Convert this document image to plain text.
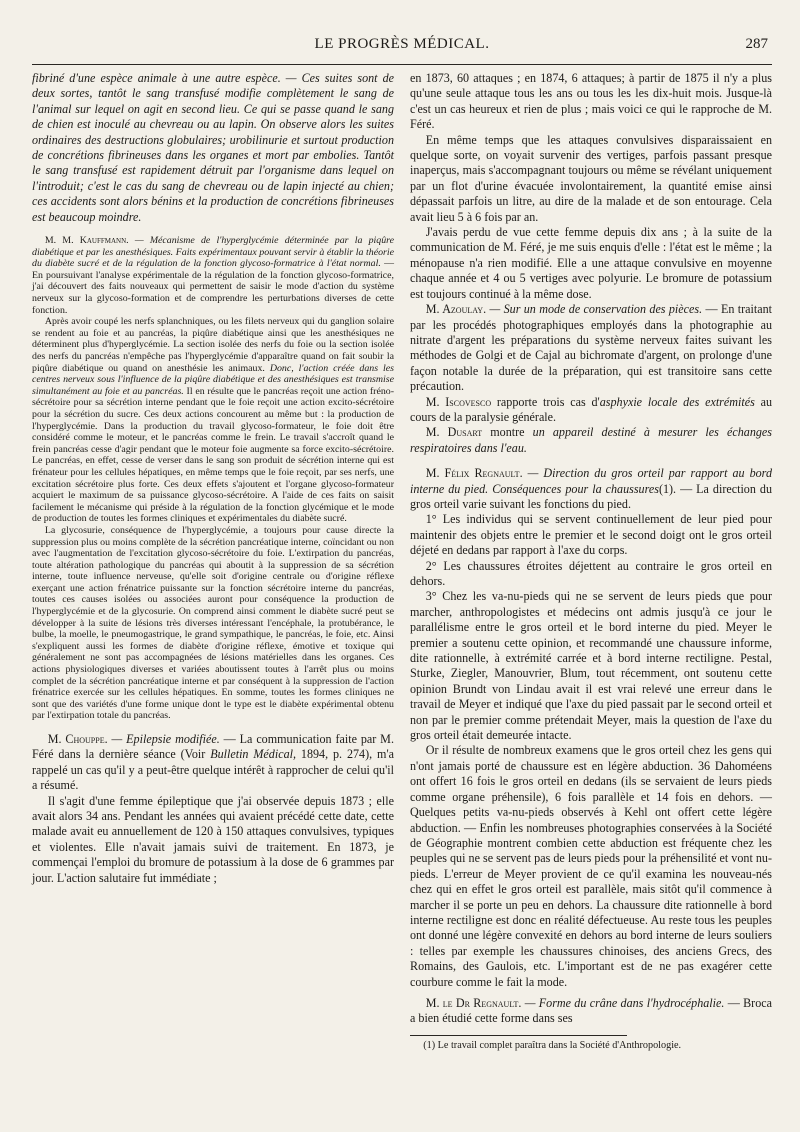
LE PROGRÈS MÉDICAL.	287

fibriné d'une espèce animale à une autre espèce. — Ces suites sont de deux sortes, tantôt le sang transfusé modifie complètement le sang de l'animal sur lequel on agit en second lieu. Ce qui se passe quand le sang de chien est inoculé au chevreau ou au lapin. On observe alors les suites ordinaires des destructions globulaires; urobilinurie et surtout production de concrétions fibrineuses dans les organes et mort par embolies. Tantôt le sang transfusé est rapidement détruit par l'organisme dans lequel on l'introduit; c'est le cas du sang de chevreau ou de lapin injecté au chien; ces accidents sont alors bénins et la production de concrétions fibrineuses est beaucoup moindre.

M. M. Kauffmann. — Mécanisme de l'hyperglycémie déterminée par la piqûre diabétique et par les anesthésiques. Faits expérimentaux pouvant servir à établir la théorie du diabète sucré et de la régulation de la fonction glycoso-formatrice à l'état normal. — En poursuivant l'analyse expérimentale de la régulation de la fonction glycoso-formatrice, j'ai découvert des faits nouveaux qui permettent de saisir le mode d'action du système nerveux sur la glycoso-formation et de comprendre les perturbations diverses de cette fonction.

Après avoir coupé les nerfs splanchniques, ou les filets nerveux qui du ganglion solaire se rendent au foie et au pancréas, la piqûre diabétique ainsi que les anesthésiques ne déterminent plus d'hyperglycémie. La section isolée des nerfs du foie ou la section isolée des nerfs du pancréas n'empêche pas l'hyperglycémie d'apparaître quand on fait soubir la piqûre diabétique ou quand on anesthésie les animaux. Donc, l'action créée dans les centres nerveux sous l'influence de la piqûre diabétique et des anesthésiques est transmise simultanément au foie et au pancréas. Il en résulte que le pancréas reçoit une action fréno-sécrétoire pour sa sécrétion interne pendant que le foie reçoit une action excito-sécrétoire pour la sécrétion du sucre. Ces deux actions concourent au même but : la production de l'hyperglycémie. Dans la production du travail glycoso-formateur, le foie doit être considéré comme le moteur, et le pancréas comme le frein. Le travail s'accroît quand le frein pancréas cesse d'agir pendant que le moteur foie augmente sa force excito-sécrétoire. Le pancréas, en effet, cesse de verser dans le sang son produit de sécrétion interne qui est frénateur pour les cellules hépatiques, en même temps que le foie reçoit, par ses nerfs, une excitation sécrétoire plus forte. Ces deux effets s'ajoutent et l'organe glycoso-formateur acquiert le maximum de sa puissance glycoso-sécrétoire. A l'aide de ces faits on saisit facilement le mécanisme qui préside à la régulation de la fonction glycémique et le mode de production de toutes les formes cliniques et expérimentales du diabète sucré.

La glycosurie, conséquence de l'hyperglycémie, a toujours pour cause directe la suppression plus ou moins complète de la sécrétion pancréatique interne, coïncidant ou non avec l'augmentation de l'excitation glycoso-sécrétoire du foie. L'extirpation du pancréas, toute altération pathologique du pancréas qui aboutit à la suppression de sa sécrétion interne, toute influence nerveuse, qu'elle soit d'origine centrale ou d'origine réflexe exerçant une action frénatrice puissante sur la fonction sécrétoire interne du pancréas, toutes ces causes isolées ou associées auront pour conséquence la production de l'hyperglycémie et de la glycosurie. On comprend ainsi comment le diabète sucré peut se développer à la suite de lésions très diverses intéressant l'encéphale, la protubérance, le bulbe, la moelle, le pneumogastrique, le grand sympathique, le pancréas, le foie, etc. Ainsi s'expliquent aussi les formes de diabète d'origine réflexe, émotive et toxique qui généralement ne sont pas accompagnées de lésions matérielles dans les organes. Ces actions physiologiques diverses et variées aboutissent toutes à l'arrêt plus ou moins complet de la sécrétion pancréatique interne et par conséquent à la suppression de l'action frénatrice exercée sur les cellules hépatiques. En somme, toutes les formes cliniques ne sont que des variétés d'une forme unique dont le type est le diabète expérimental obtenu par l'extirpation totale du pancréas.

M. Chouppe. — Epilepsie modifiée. — La communication faite par M. Féré dans la dernière séance (Voir Bulletin Médical, 1894, p. 274), m'a rappelé un cas qu'il y a peut-être quelque intérêt à rapprocher de celui qu'il a résumé.

Il s'agit d'une femme épileptique que j'ai observée depuis 1873 ; elle avait alors 34 ans. Pendant les années qui avaient précédé cette date, cette malade avait eu annuellement de 120 à 150 attaques convulsives, typiques et violentes. Elle n'avait jamais suivi de traitement. En 1873, je commençai l'emploi du bromure de potassium à la dose de 6 grammes par jour. L'action salutaire fut immédiate ;

en 1873, 60 attaques ; en 1874, 6 attaques; à partir de 1875 il n'y a plus qu'une seule attaque tous les ans ou tous les les dix-huit mois. Jusque-là c'est un cas heureux et rien de plus ; mais voici ce qui le rapproche de M. Féré.

En même temps que les attaques convulsives disparaissaient en quelque sorte, on voyait survenir des vertiges, parfois passant presque inaperçus, mais s'accompagnant toujours ou même se révélant uniquement par un flot d'urine évacuée involontairement, la quantité emise ainsi dépassait parfois un litre, au dire de la malade et de son entourage. Cela avait lieu 5 à 6 fois par an.

J'avais perdu de vue cette femme depuis dix ans ; à la suite de la communication de M. Féré, je me suis enquis d'elle : l'état est le même ; la ménopause n'a rien modifié. Elle a une attaque convulsive en moyenne chaque année et 4 ou 5 vertiges avec polyurie. Le bromure de potassium est toujours continué à la même dose.

M. Azoulay. — Sur un mode de conservation des pièces. — En traitant par les procédés photographiques employés dans la photographie au nitrate d'argent les préparations du système nerveux faites suivant les méthodes de Golgi et de Cajal au bichromate d'argent, on prolonge d'une façon notable la durée de la préparation, qui est transitoire sans cette précaution.

M. Iscovesco rapporte trois cas d'asphyxie locale des extrémités au cours de la paralysie générale.

M. Dusart montre un appareil destiné à mesurer les échanges respiratoires dans l'eau.

M. Félix Regnault. — Direction du gros orteil par rapport au bord interne du pied. Conséquences pour la chaussures(1). — La direction du gros orteil varie suivant les fonctions du pied.

1° Les individus qui se servent continuellement de leur pied pour maintenir des objets entre le premier et le second doigt ont le gros orteil déjeté en dedans par rapport à l'axe du corps.

2° Les chaussures étroites déjettent au contraire le gros orteil en dehors.

3° Chez les va-nu-pieds qui ne se servent de leurs pieds que pour marcher, anthropologistes et médecins ont admis jusqu'à ce jour le parallélisme entre le gros orteil et le bord interne du pied. Meyer le premier a soutenu cette opinion, et recommandé une chaussure informe, dite rationnelle, à extrémité carrée et à bord interne rectiligne. Pestal, Sturke, Ziegler, Manouvrier, Blum, tout récemment, ont soutenu cette opinion Brundt von Lindau avait il est vrai relevé une erreur dans le travail de Meyer et indiqué que l'axe du pied passait par le second orteil et non par le premier comme prétendait Meyer, mais la question de l'axe du gros orteil était demeurée intacte.

Or il résulte de nombreux examens que le gros orteil chez les gens qui n'ont jamais porté de chaussure est en légère abduction. 36 Dahoméens ont offert 16 fois le gros orteil en dedans (ils se servaient de leurs pieds comme organe préhensile), 6 fois parallèle et 14 fois en dehors. — Quelques petits va-nu-pieds observés à Kehl ont offert cette légère abduction. — Enfin les nombreuses photographies conservées à la Société de Géographie montrent combien cette abduction est fréquente chez les peuples qui ne se servent pas de leurs pieds pour la préhensilité et vont nu-pieds. L'erreur de Meyer provient de ce qu'il examina les nouveau-nés chez qui en effet le gros orteil est parallèle, mais sitôt qu'il commence à marcher il se porte un peu en dehors. La chaussure dite rationnelle à bord interne rectiligne est donc en réalité défectueuse. Au reste tous les peuples ont donné une légère convexité en dehors au bord interne de leurs souliers : telles par exemple les chaussures chinoises, des anciens Grecs, des Romains, des Gaulois, etc. L'important est de ne pas exagérer cette courbure comme le fait la mode.

M. le Dr Regnault. — Forme du crâne dans l'hydrocéphalie. — Broca a bien étudié cette forme dans ses

(1) Le travail complet paraîtra dans la Société d'Anthropologie.
